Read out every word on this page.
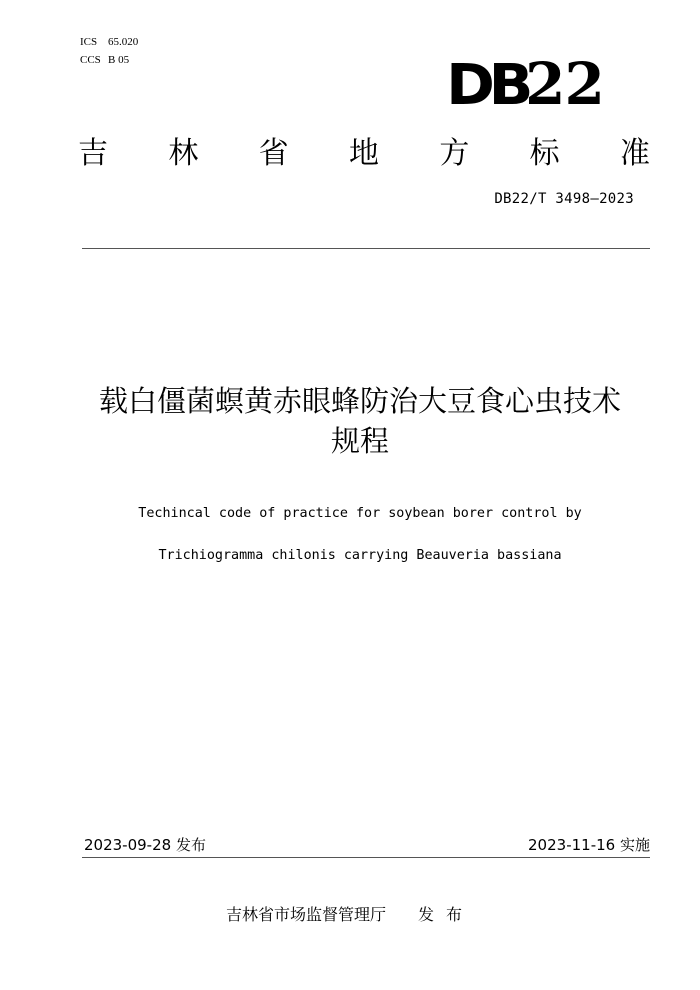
ICS 65.020
CCS B 05	DB22
吉 林 省 地 方 标 准
DB22/T 3498—2023
载白僵菌螟黄赤眼蜂防治大豆食心虫技术
规程

Techincal code of practice for soybean borer control by

Trichiogramma chilonis carrying Beauveria bassiana

2023-09-28 发布	2023-11-16 实施
吉林省市场监督管理厅 发布
